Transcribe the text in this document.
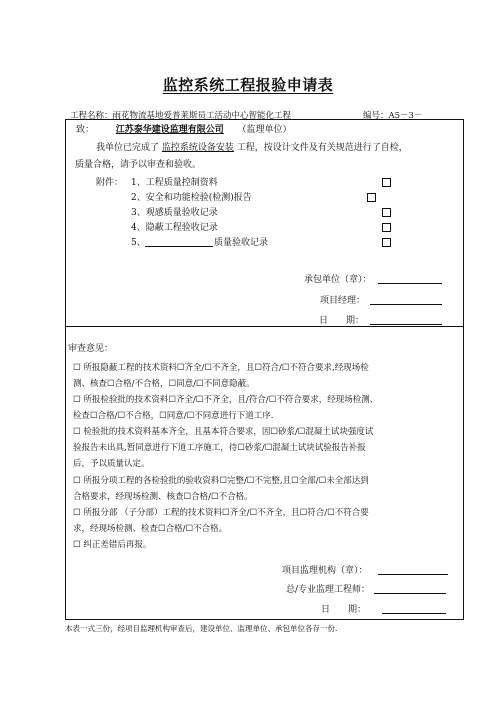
监控系统工程报验申请表
工程名称：雨花物流基地爱普莱斯员工活动中心智能化工程	编号：A5－3－
致： 江苏泰华建设监理有限公司 （监理单位）
我单位已完成了 监控系统设备安装 工程，按设计文件及有关规范进行了自检，
质量合格，请予以审查和验收。
附件： 1、工程质量控制资料
2、安全和功能检验(检测)报告
3、观感质量验收记录
4、隐蔽工程验收记录
5、	质量验收记录
承包单位（章）：
项目经理：
日　　期：
审查意见：
☐ 所报隐蔽工程的技术资料☐齐全/☐不齐全，且☐符合/☐不符合要求,经现场检
测、核查☐合格/不合格，☐同意/☐不同意隐蔽。
☐ 所报检验批的技术资料☐齐全/☐不齐全，且/符合/☐不符合要求，经现场检测、
检查☐合格/☐不合格，☐同意/☐不同意进行下道工序.
☐ 检验批的技术资料基本齐全，且基本符合要求，因☐砂浆/☐混凝土试块强度试
验报告未出具,暂同意进行下道工序施工，待☐砂浆/☐混凝土试块试验报告补报
后，予以质量认定。
☐ 所报分项工程的各检验批的验收资料☐完整/☐不完整,且☐全部/☐未全部达到
合格要求，经现场检测、核查☐合格/☐不合格。
☐ 所报分部 （子分部）工程的技术资料☐齐全/☐不齐全，且☐符合/☐不符合要
求，经现场检测、检查☐合格/☐不合格。
☐ 纠正差错后再报。
项目监理机构（章）：
总/专业监理工程师：
日　　期：
本表一式三份，经项目监理机构审查后，建设单位、监理单位、承包单位各存一份.
